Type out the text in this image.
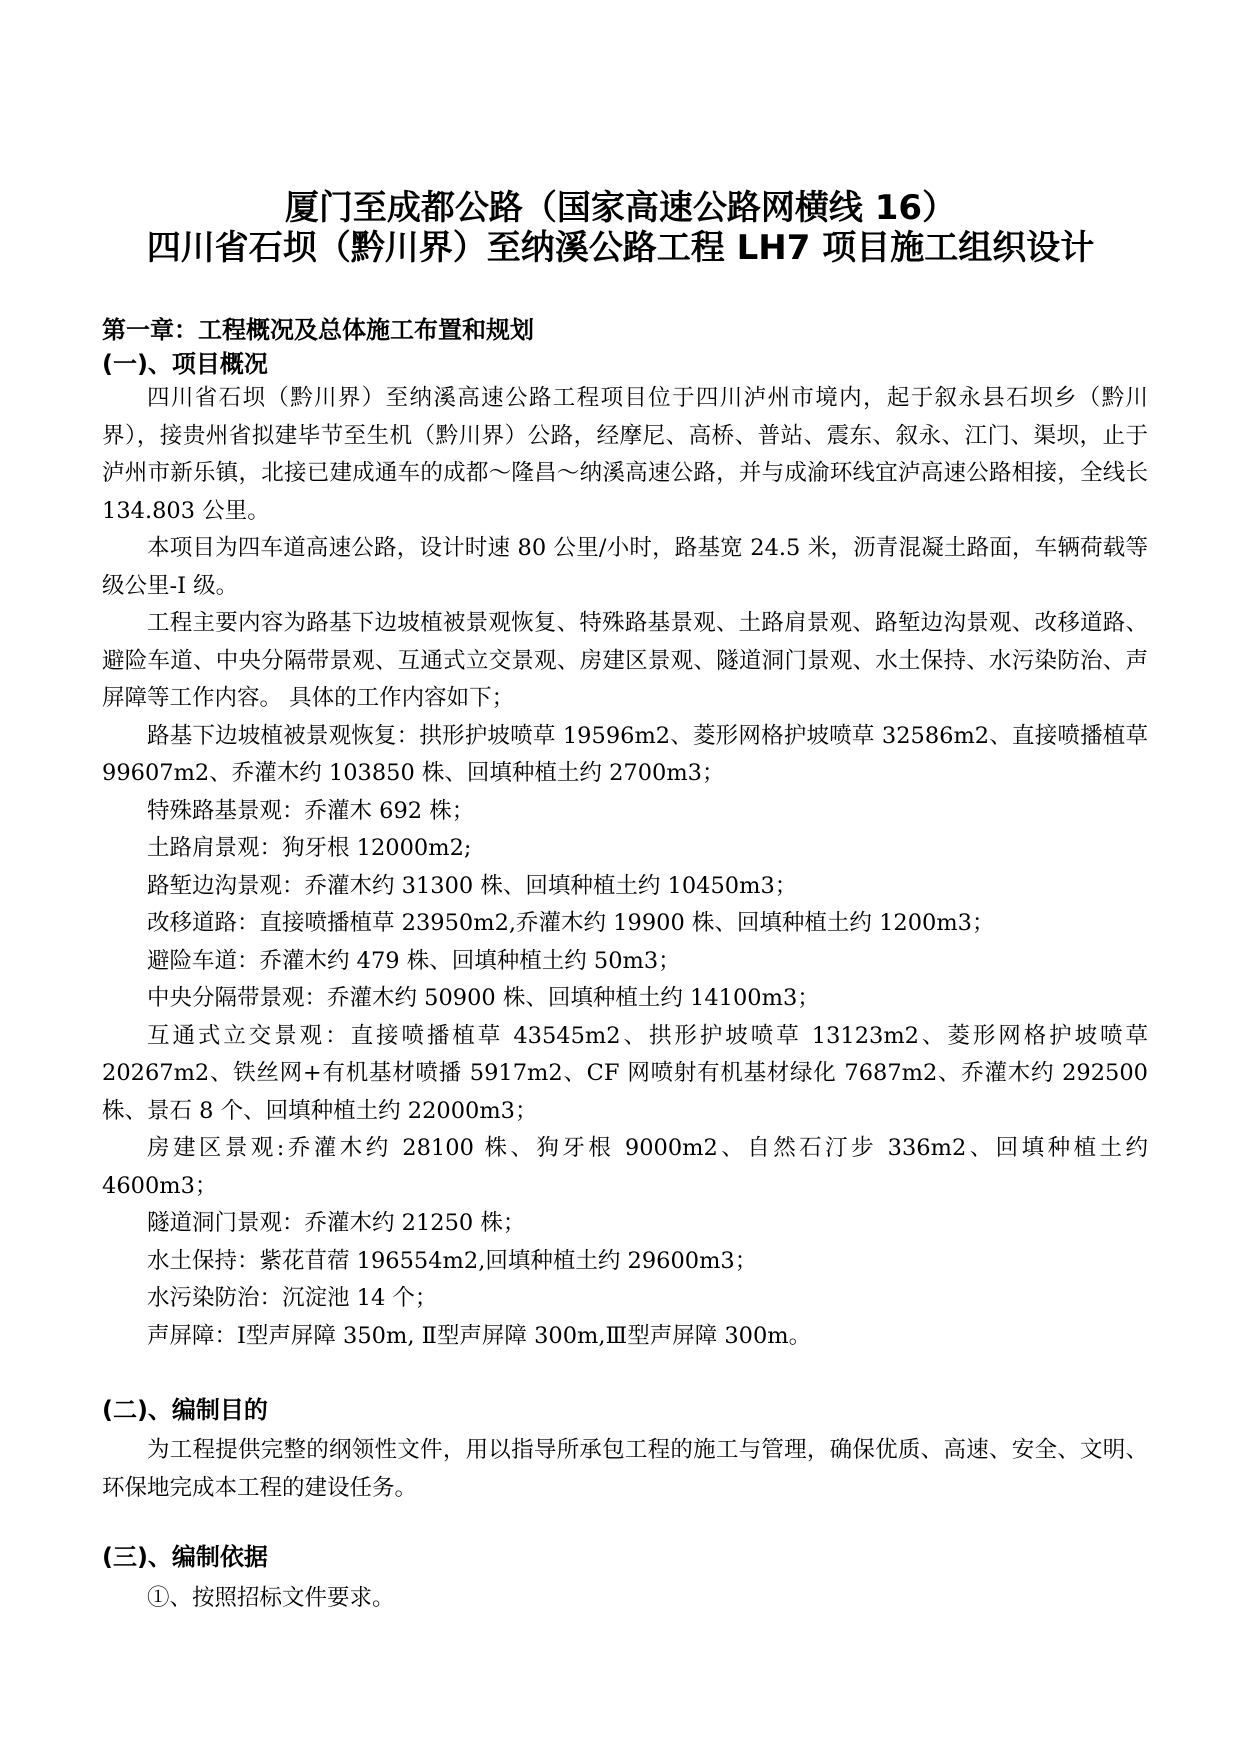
厦门至成都公路（国家高速公路网横线 16）
四川省石坝（黔川界）至纳溪公路工程 LH7 项目施工组织设计
第一章：工程概况及总体施工布置和规划
(一)、项目概况

四川省石坝（黔川界）至纳溪高速公路工程项目位于四川泸州市境内，起于叙永县石坝乡（黔川界），接贵州省拟建毕节至生机（黔川界）公路，经摩尼、高桥、普站、震东、叙永、江门、渠坝，止于泸州市新乐镇，北接已建成通车的成都～隆昌～纳溪高速公路，并与成渝环线宜泸高速公路相接，全线长 134.803 公里。

本项目为四车道高速公路，设计时速 80 公里/小时，路基宽 24.5 米，沥青混凝土路面，车辆荷载等级公里-I 级。

工程主要内容为路基下边坡植被景观恢复、特殊路基景观、土路肩景观、路堑边沟景观、改移道路、避险车道、中央分隔带景观、互通式立交景观、房建区景观、隧道洞门景观、水土保持、水污染防治、声屏障等工作内容。 具体的工作内容如下；

路基下边坡植被景观恢复：拱形护坡喷草 19596m2、菱形网格护坡喷草 32586m2、直接喷播植草 99607m2、乔灌木约 103850 株、回填种植土约 2700m3；

特殊路基景观：乔灌木 692 株；

土路肩景观：狗牙根 12000m2;

路堑边沟景观：乔灌木约 31300 株、回填种植土约 10450m3；

改移道路：直接喷播植草 23950m2,乔灌木约 19900 株、回填种植土约 1200m3；

避险车道：乔灌木约 479 株、回填种植土约 50m3；

中央分隔带景观：乔灌木约 50900 株、回填种植土约 14100m3；

互通式立交景观：直接喷播植草 43545m2、拱形护坡喷草 13123m2、菱形网格护坡喷草 20267m2、铁丝网+有机基材喷播 5917m2、CF 网喷射有机基材绿化 7687m2、乔灌木约 292500 株、景石 8 个、回填种植土约 22000m3；

房建区景观:乔灌木约 28100 株、狗牙根 9000m2、自然石汀步 336m2、回填种植土约 4600m3；

隧道洞门景观：乔灌木约 21250 株；

水土保持：紫花苜蓿 196554m2,回填种植土约 29600m3；

水污染防治：沉淀池 14 个；

声屏障：Ⅰ型声屏障 350m, Ⅱ型声屏障 300m,Ⅲ型声屏障 300m。

(二)、编制目的

为工程提供完整的纲领性文件，用以指导所承包工程的施工与管理，确保优质、高速、安全、文明、环保地完成本工程的建设任务。

(三)、编制依据

①、按照招标文件要求。
